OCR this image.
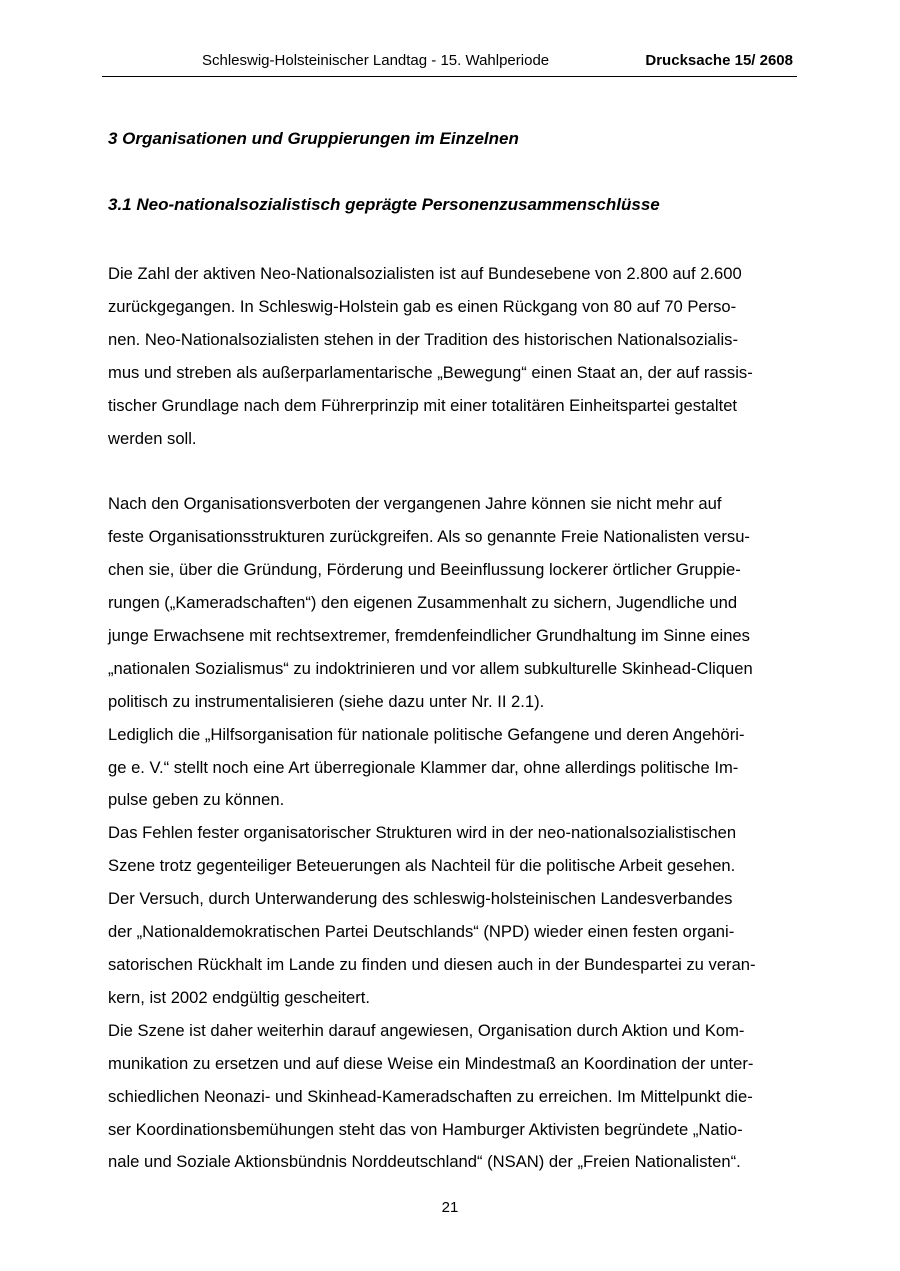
Schleswig-Holsteinischer Landtag - 15. Wahlperiode	Drucksache 15/ 2608
3 Organisationen und Gruppierungen im Einzelnen
3.1 Neo-nationalsozialistisch geprägte Personenzusammenschlüsse

Die Zahl der aktiven Neo-Nationalsozialisten ist auf Bundesebene von 2.800 auf 2.600
zurückgegangen. In Schleswig-Holstein gab es einen Rückgang von 80 auf 70 Perso-
nen. Neo-Nationalsozialisten stehen in der Tradition des historischen Nationalsozialis-
mus und streben als außerparlamentarische „Bewegung“ einen Staat an, der auf rassis-
tischer Grundlage nach dem Führerprinzip mit einer totalitären Einheitspartei gestaltet
werden soll.

Nach den Organisationsverboten der vergangenen Jahre können sie nicht mehr auf
feste Organisationsstrukturen zurückgreifen. Als so genannte Freie Nationalisten versu-
chen sie, über die Gründung, Förderung und Beeinflussung lockerer örtlicher Gruppie-
rungen („Kameradschaften“) den eigenen Zusammenhalt zu sichern, Jugendliche und
junge Erwachsene mit rechtsextremer, fremdenfeindlicher Grundhaltung im Sinne eines
„nationalen Sozialismus“ zu indoktrinieren und vor allem subkulturelle Skinhead-Cliquen
politisch zu instrumentalisieren (siehe dazu unter Nr. II 2.1).

Lediglich die „Hilfsorganisation für nationale politische Gefangene und deren Angehöri-
ge e. V.“ stellt noch eine Art überregionale Klammer dar, ohne allerdings politische Im-
pulse geben zu können.

Das Fehlen fester organisatorischer Strukturen wird in der neo-nationalsozialistischen
Szene trotz gegenteiliger Beteuerungen als Nachteil für die politische Arbeit gesehen.
Der Versuch, durch Unterwanderung des schleswig-holsteinischen Landesverbandes
der „Nationaldemokratischen Partei Deutschlands“ (NPD) wieder einen festen organi-
satorischen Rückhalt im Lande zu finden und diesen auch in der Bundespartei zu veran-
kern, ist 2002 endgültig gescheitert.

Die Szene ist daher weiterhin darauf angewiesen, Organisation durch Aktion und Kom-
munikation zu ersetzen und auf diese Weise ein Mindestmaß an Koordination der unter-
schiedlichen Neonazi- und Skinhead-Kameradschaften zu erreichen. Im Mittelpunkt die-
ser Koordinationsbemühungen steht das von Hamburger Aktivisten begründete „Natio-
nale und Soziale Aktionsbündnis Norddeutschland“ (NSAN) der „Freien Nationalisten“.

21
